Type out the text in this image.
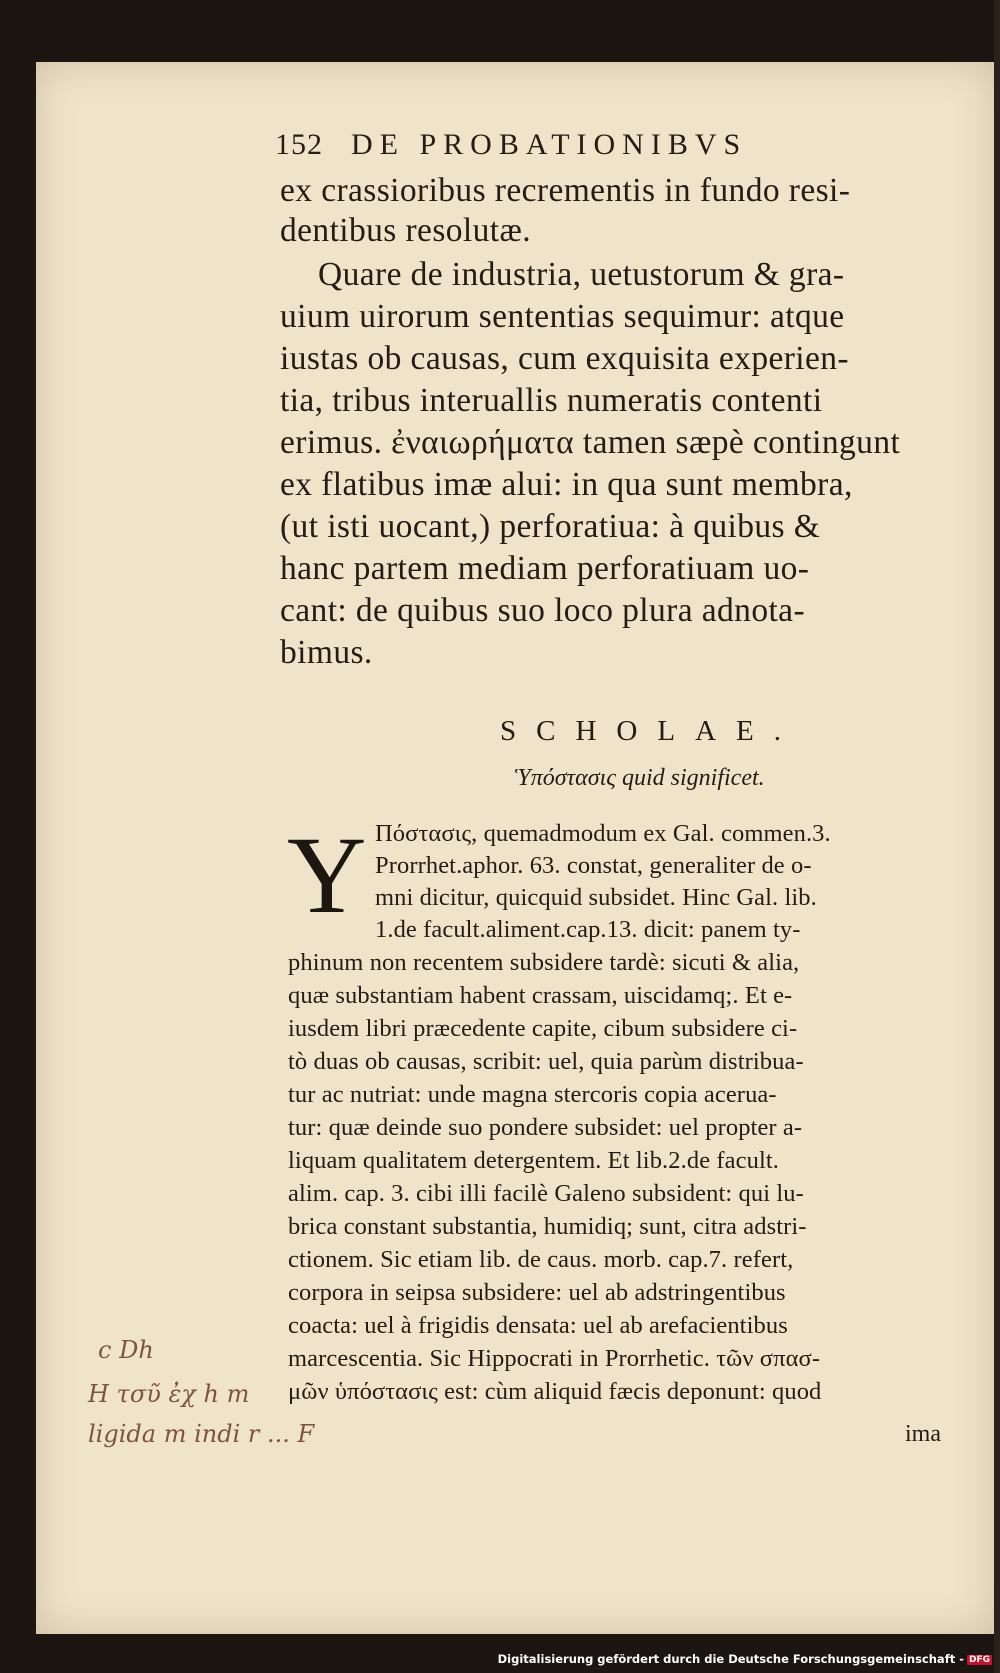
152 DE PROBATIONIBVS
ex crassioribus recrementis in fundo resi-
dentibus resolutæ.
Quare de industria, uetustorum & gra-
uium uirorum sententias sequimur: atque
iustas ob causas, cum exquisita experien-
tia, tribus interuallis numeratis contenti
erimus. ἐναιωρήματα tamen sæpè contingunt
ex flatibus imæ alui: in qua sunt membra,
(ut isti uocant,) perforatiua: à quibus &
hanc partem mediam perforatiuam uo-
cant: de quibus suo loco plura adnota-
bimus.
SCHOLAE.
Ὑπόστασις quid significet.
Y Πόστασις, quemadmodum ex Gal. commen.3.
Prorrhet.aphor. 63. constat, generaliter de o-
mni dicitur, quicquid subsidet. Hinc Gal. lib.
1.de facult.aliment.cap.13. dicit: panem ty-
phinum non recentem subsidere tardè: sicuti & alia,
quæ substantiam habent crassam, uiscidamq;. Et e-
iusdem libri præcedente capite, cibum subsidere ci-
tò duas ob causas, scribit: uel, quia parùm distribua-
tur ac nutriat: unde magna stercoris copia aceruа-
tur: quæ deinde suo pondere subsidet: uel propter a-
liquam qualitatem detergentem. Et lib.2.de facult.
alim. cap. 3. cibi illi facilè Galeno subsident: qui lu-
brica constant substantia, humidiq; sunt, citra adstri-
ctionem. Sic etiam lib. de caus. morb. cap.7. refert,
corpora in seipsa subsidere: uel ab adstringentibus
coacta: uel à frigidis densata: uel ab arefacientibus
marcescentia. Sic Hippocrati in Prorrhetic. τῶν σπασ-
μῶν ὑπόστασις est: cùm aliquid fæcis deponunt: quod
ima
c Dh
H τσῦ ἐχ h m
ligida m indi r ... F
Digitalisierung gefördert durch die Deutsche Forschungsgemeinschaft - DFG
